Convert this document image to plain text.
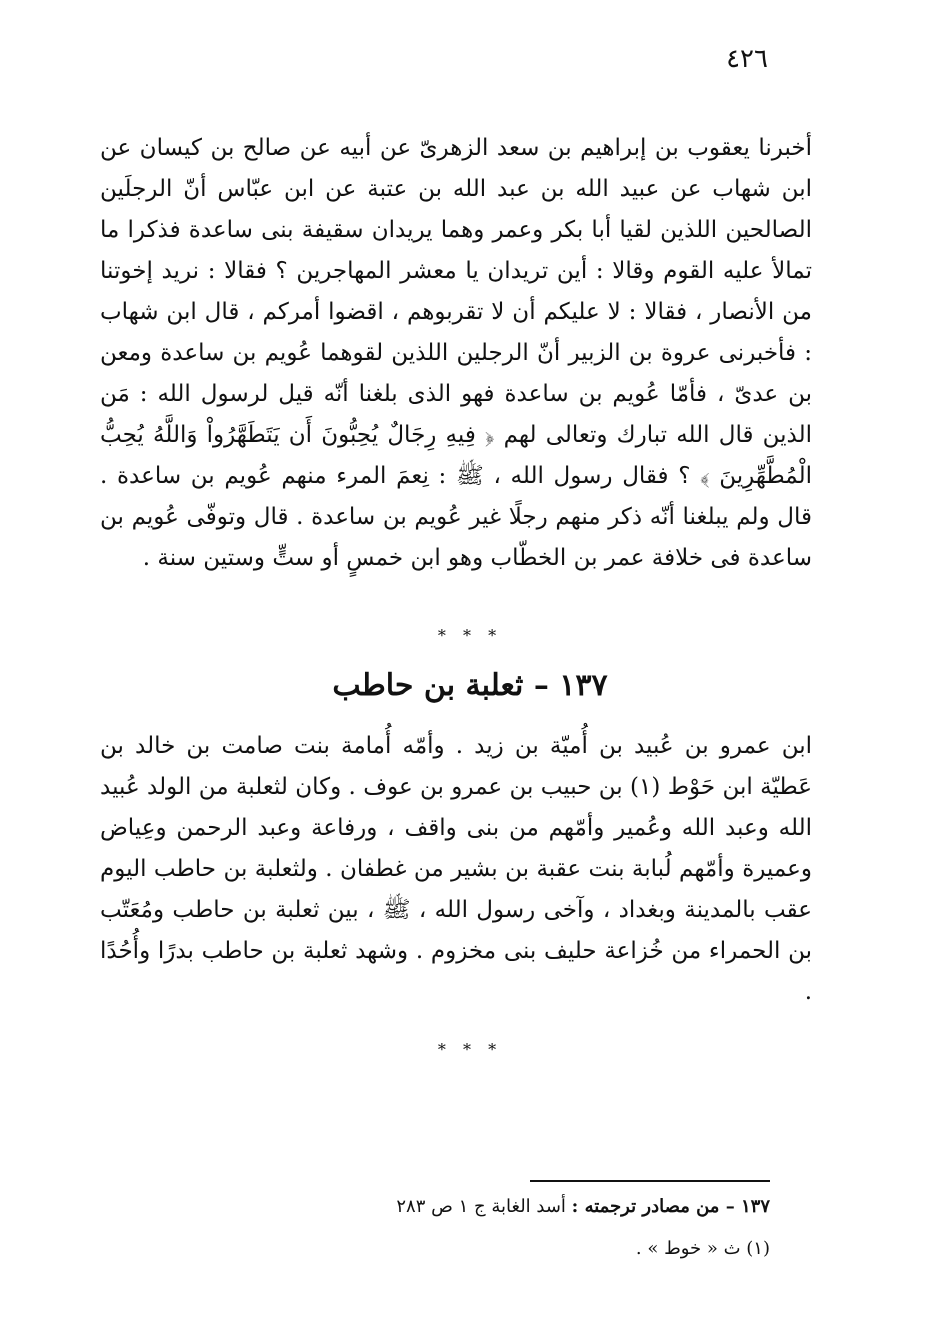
٤٢٦

أخبرنا يعقوب بن إبراهيم بن سعد الزهرىّ عن أبيه عن صالح بن كيسان عن ابن شهاب عن عبيد الله بن عبد الله بن عتبة عن ابن عبّاس أنّ الرجلَين الصالحين اللذين لقيا أبا بكر وعمر وهما يريدان سقيفة بنى ساعدة فذكرا ما تمالأ عليه القوم وقالا : أين تريدان يا معشر المهاجرين ؟ فقالا : نريد إخوتنا من الأنصار ، فقالا : لا عليكم أن لا تقربوهم ، اقضوا أمركم ، قال ابن شهاب : فأخبرنى عروة بن الزبير أنّ الرجلين اللذين لقوهما عُويم بن ساعدة ومعن بن عدىّ ، فأمّا عُويم بن ساعدة فهو الذى بلغنا أنّه قيل لرسول الله : مَن الذين قال الله تبارك وتعالى لهم ﴿ فِيهِ رِجَالٌ يُحِبُّونَ أَن يَتَطَهَّرُواْ وَاللَّهُ يُحِبُّ الْمُطَّهِّرِينَ ﴾ ؟ فقال رسول الله ، ﷺ : نِعمَ المرء منهم عُويم بن ساعدة . قال ولم يبلغنا أنّه ذكر منهم رجلًا غير عُويم بن ساعدة . قال وتوفّى عُويم بن ساعدة فى خلافة عمر بن الخطّاب وهو ابن خمسٍ أو ستٍّ وستين سنة .

* * *
١٣٧ – ثعلبة بن حاطب

ابن عمرو بن عُبيد بن أُميّة بن زيد . وأمّه أُمامة بنت صامت بن خالد بن عَطيّة ابن حَوْط (١) بن حبيب بن عمرو بن عوف . وكان لثعلبة من الولد عُبيد الله وعبد الله وعُمير وأمّهم من بنى واقف ، ورفاعة وعبد الرحمن وعِياض وعميرة وأمّهم لُبابة بنت عقبة بن بشير من غطفان . ولثعلبة بن حاطب اليوم عقب بالمدينة وبغداد ، وآخى رسول الله ، ﷺ ، بين ثعلبة بن حاطب ومُعَتّب بن الحمراء من خُزاعة حليف بنى مخزوم . وشهد ثعلبة بن حاطب بدرًا وأُحُدًا .

* * *
١٣٧ – من مصادر ترجمته : أسد الغابة ج ١ ص ٢٨٣
(١) ث « خوط » .
